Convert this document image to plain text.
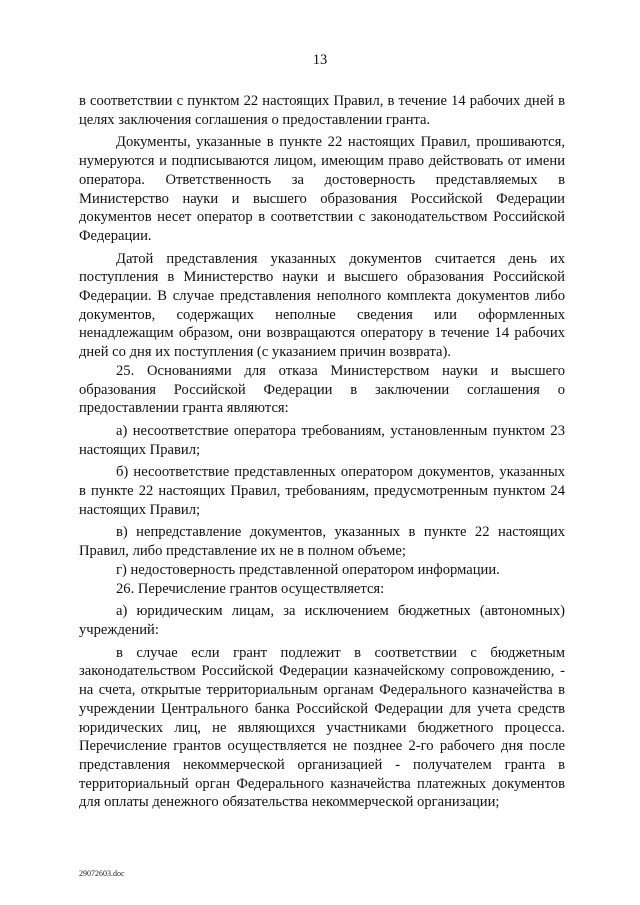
13

в соответствии с пунктом 22 настоящих Правил, в течение 14 рабочих дней в целях заключения соглашения о предоставлении гранта.

Документы, указанные в пункте 22 настоящих Правил, прошиваются, нумеруются и подписываются лицом, имеющим право действовать от имени оператора. Ответственность за достоверность представляемых в Министерство науки и высшего образования Российской Федерации документов несет оператор в соответствии с законодательством Российской Федерации.

Датой представления указанных документов считается день их поступления в Министерство науки и высшего образования Российской Федерации. В случае представления неполного комплекта документов либо документов, содержащих неполные сведения или оформленных ненадлежащим образом, они возвращаются оператору в течение 14 рабочих дней со дня их поступления (с указанием причин возврата).

25. Основаниями для отказа Министерством науки и высшего образования Российской Федерации в заключении соглашения о предоставлении гранта являются:

а) несоответствие оператора требованиям, установленным пунктом 23 настоящих Правил;

б) несоответствие представленных оператором документов, указанных в пункте 22 настоящих Правил, требованиям, предусмотренным пунктом 24 настоящих Правил;

в) непредставление документов, указанных в пункте 22 настоящих Правил, либо представление их не в полном объеме;

г) недостоверность представленной оператором информации.

26. Перечисление грантов осуществляется:

а) юридическим лицам, за исключением бюджетных (автономных) учреждений:

в случае если грант подлежит в соответствии с бюджетным законодательством Российской Федерации казначейскому сопровождению, - на счета, открытые территориальным органам Федерального казначейства в учреждении Центрального банка Российской Федерации для учета средств юридических лиц, не являющихся участниками бюджетного процесса. Перечисление грантов осуществляется не позднее 2-го рабочего дня после представления некоммерческой организацией - получателем гранта в территориальный орган Федерального казначейства платежных документов для оплаты денежного обязательства некоммерческой организации;

29072603.doc
